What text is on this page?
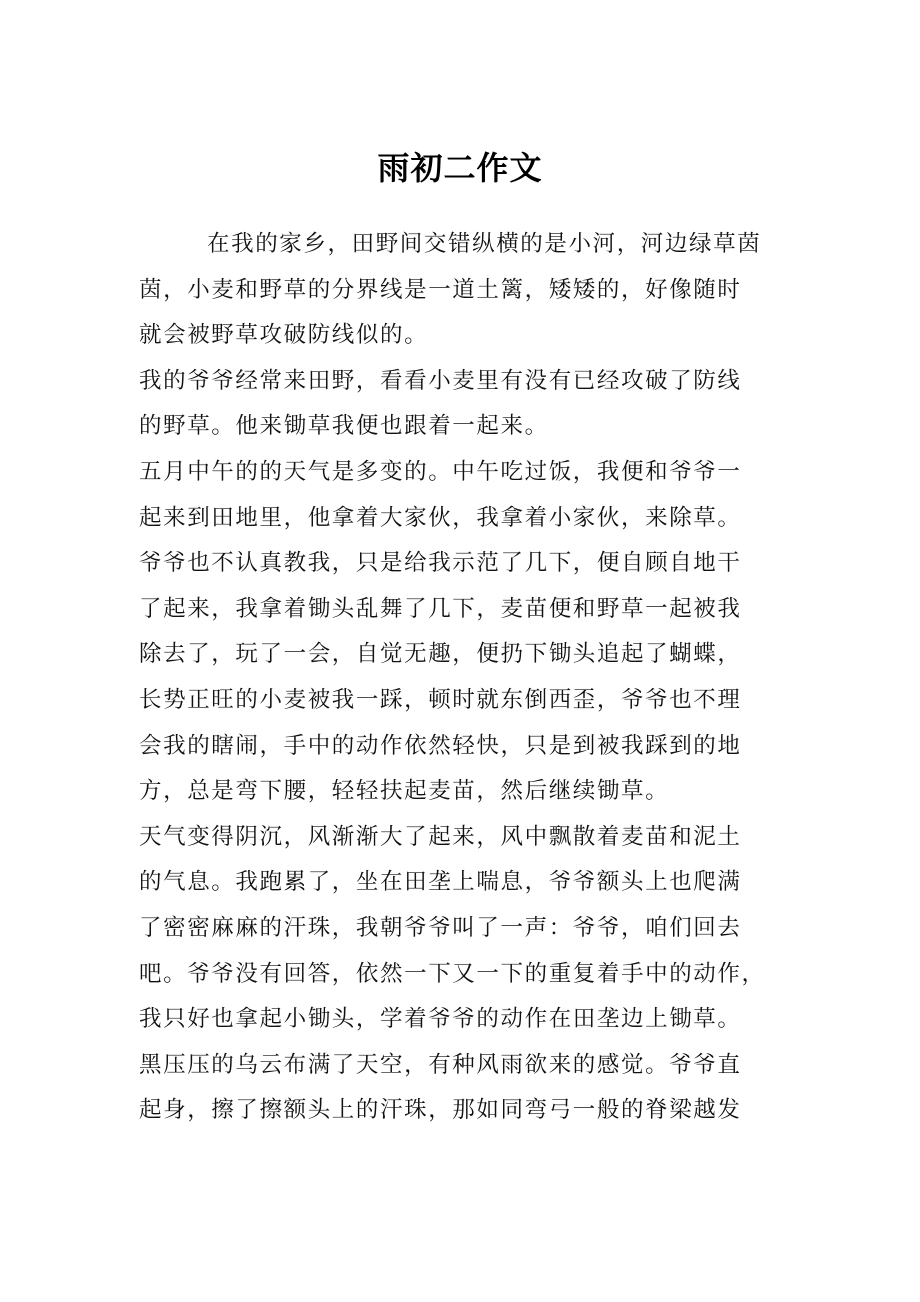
雨初二作文
在我的家乡，田野间交错纵横的是小河，河边绿草茵
茵，小麦和野草的分界线是一道土篱，矮矮的，好像随时
就会被野草攻破防线似的。
我的爷爷经常来田野，看看小麦里有没有已经攻破了防线
的野草。他来锄草我便也跟着一起来。
五月中午的的天气是多变的。中午吃过饭，我便和爷爷一
起来到田地里，他拿着大家伙，我拿着小家伙，来除草。
爷爷也不认真教我，只是给我示范了几下，便自顾自地干
了起来，我拿着锄头乱舞了几下，麦苗便和野草一起被我
除去了，玩了一会，自觉无趣，便扔下锄头追起了蝴蝶，
长势正旺的小麦被我一踩，顿时就东倒西歪，爷爷也不理
会我的瞎闹，手中的动作依然轻快，只是到被我踩到的地
方，总是弯下腰，轻轻扶起麦苗，然后继续锄草。
天气变得阴沉，风渐渐大了起来，风中飘散着麦苗和泥土
的气息。我跑累了，坐在田垄上喘息，爷爷额头上也爬满
了密密麻麻的汗珠，我朝爷爷叫了一声：爷爷，咱们回去
吧。爷爷没有回答，依然一下又一下的重复着手中的动作，
我只好也拿起小锄头，学着爷爷的动作在田垄边上锄草。
黑压压的乌云布满了天空，有种风雨欲来的感觉。爷爷直
起身，擦了擦额头上的汗珠，那如同弯弓一般的脊梁越发
